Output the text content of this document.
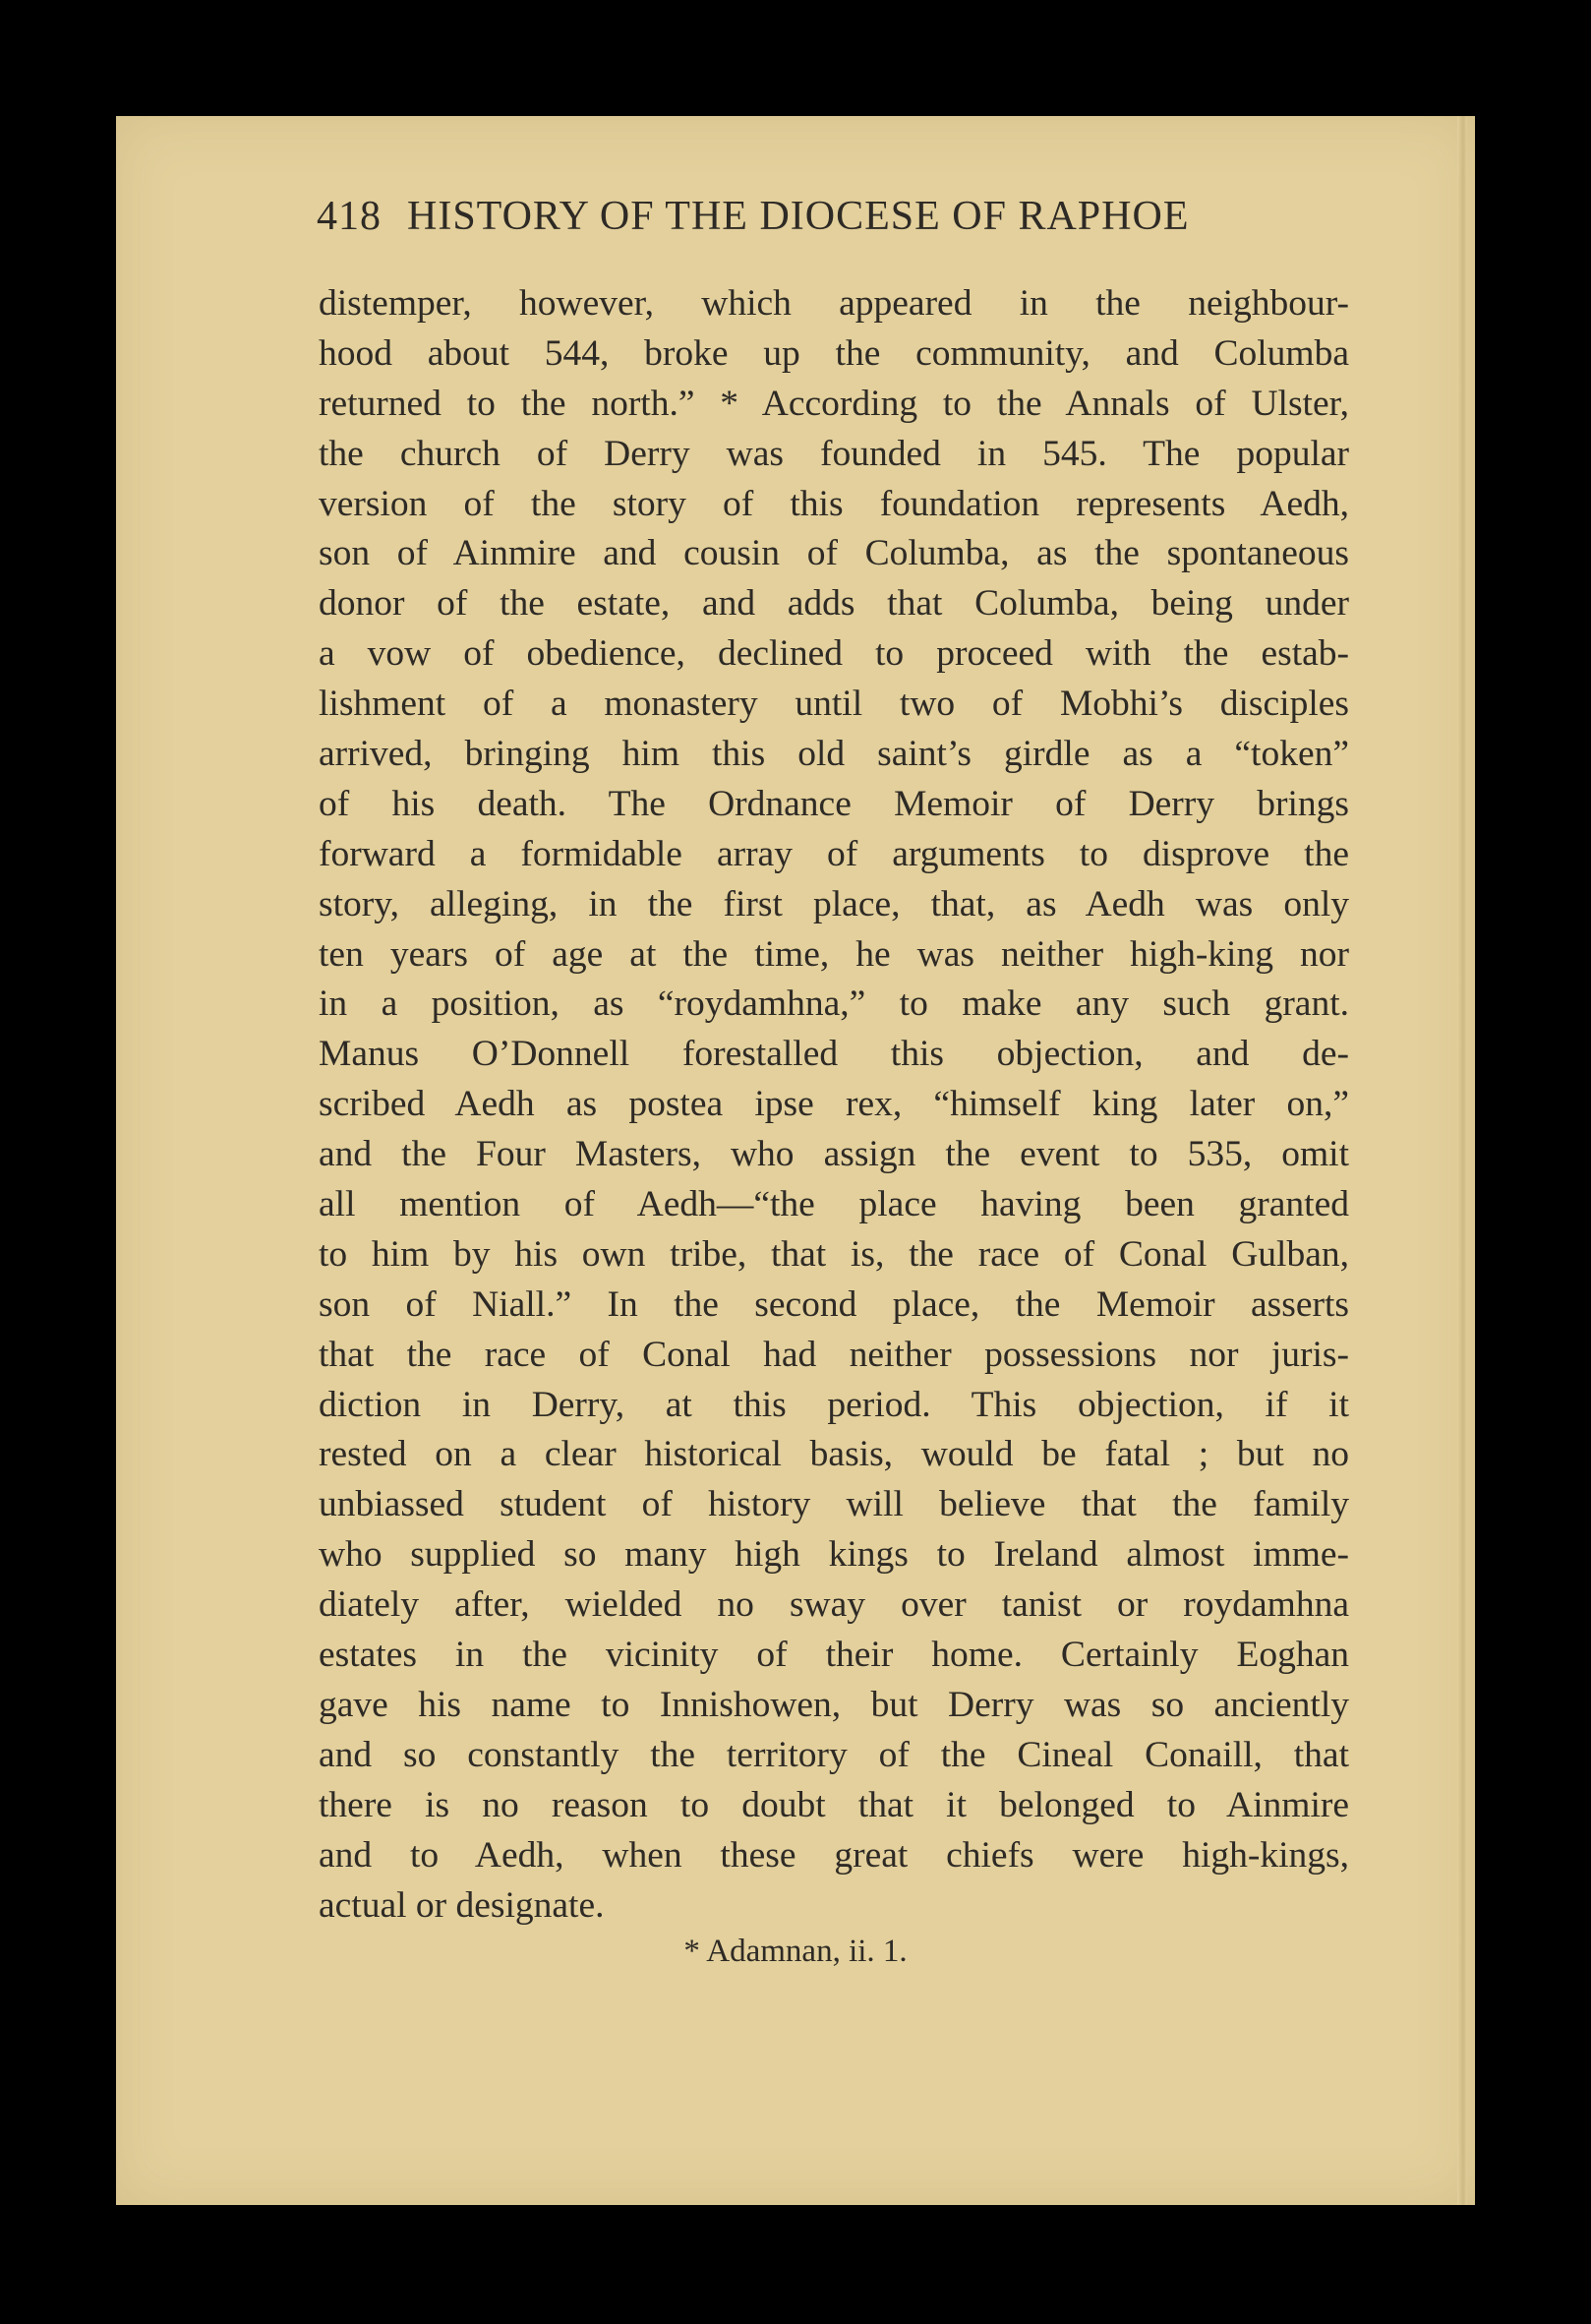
418 HISTORY OF THE DIOCESE OF RAPHOE
distemper, however, which appeared in the neighbour-
hood about 544, broke up the community, and Columba
returned to the north.” * According to the Annals of Ulster,
the church of Derry was founded in 545. The popular
version of the story of this foundation represents Aedh,
son of Ainmire and cousin of Columba, as the spontaneous
donor of the estate, and adds that Columba, being under
a vow of obedience, declined to proceed with the estab-
lishment of a monastery until two of Mobhi’s disciples
arrived, bringing him this old saint’s girdle as a “token”
of his death. The Ordnance Memoir of Derry brings
forward a formidable array of arguments to disprove the
story, alleging, in the first place, that, as Aedh was only
ten years of age at the time, he was neither high-king nor
in a position, as “roydamhna,” to make any such grant.
Manus O’Donnell forestalled this objection, and de-
scribed Aedh as postea ipse rex, “himself king later on,”
and the Four Masters, who assign the event to 535, omit
all mention of Aedh—“the place having been granted
to him by his own tribe, that is, the race of Conal Gulban,
son of Niall.” In the second place, the Memoir asserts
that the race of Conal had neither possessions nor juris-
diction in Derry, at this period. This objection, if it
rested on a clear historical basis, would be fatal ; but no
unbiassed student of history will believe that the family
who supplied so many high kings to Ireland almost imme-
diately after, wielded no sway over tanist or roydamhna
estates in the vicinity of their home. Certainly Eoghan
gave his name to Innishowen, but Derry was so anciently
and so constantly the territory of the Cineal Conaill, that
there is no reason to doubt that it belonged to Ainmire
and to Aedh, when these great chiefs were high-kings,
actual or designate.
* Adamnan, ii. 1.
